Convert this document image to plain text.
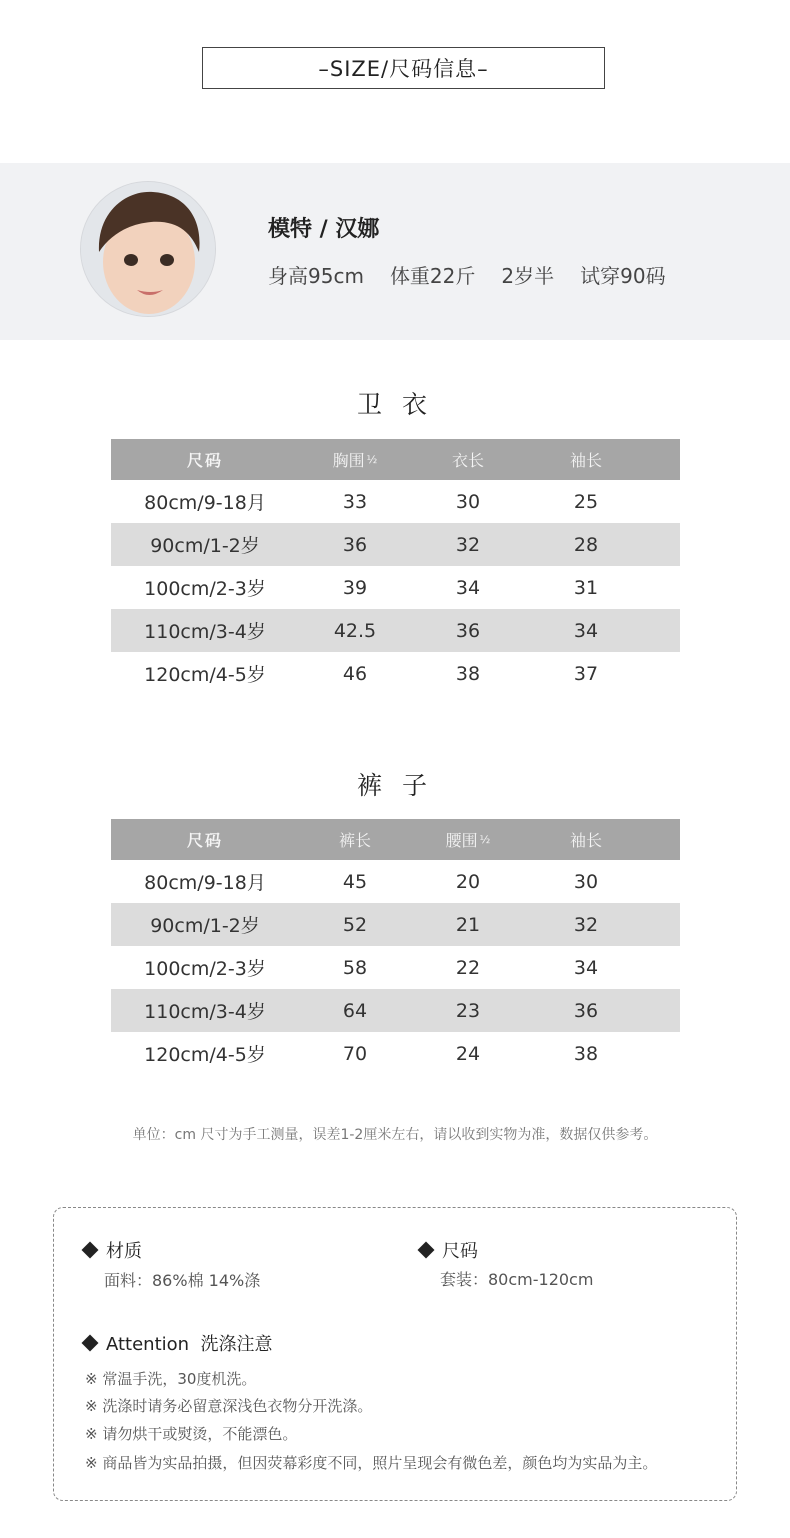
–SIZE/尺码信息–
模特 / 汉娜
身高95cm 体重22斤 2岁半 试穿90码
卫 衣
尺码	胸围 ½	衣长	袖长
80cm/9-18月	33	30	25
90cm/1-2岁	36	32	28
100cm/2-3岁	39	34	31
110cm/3-4岁	42.5	36	34
120cm/4-5岁	46	38	37
裤 子
尺码	裤长	腰围 ½	袖长
80cm/9-18月	45	20	30
90cm/1-2岁	52	21	32
100cm/2-3岁	58	22	34
110cm/3-4岁	64	23	36
120cm/4-5岁	70	24	38
单位：cm 尺寸为手工测量，误差1-2厘米左右，请以收到实物为准，数据仅供参考。
材质
面料：86%棉 14%涤
尺码
套装：80cm-120cm
Attention  洗涤注意
※ 常温手洗，30度机洗。
※ 洗涤时请务必留意深浅色衣物分开洗涤。
※ 请勿烘干或熨烫，不能漂色。
※ 商品皆为实品拍摄，但因荧幕彩度不同，照片呈现会有微色差，颜色均为实品为主。
